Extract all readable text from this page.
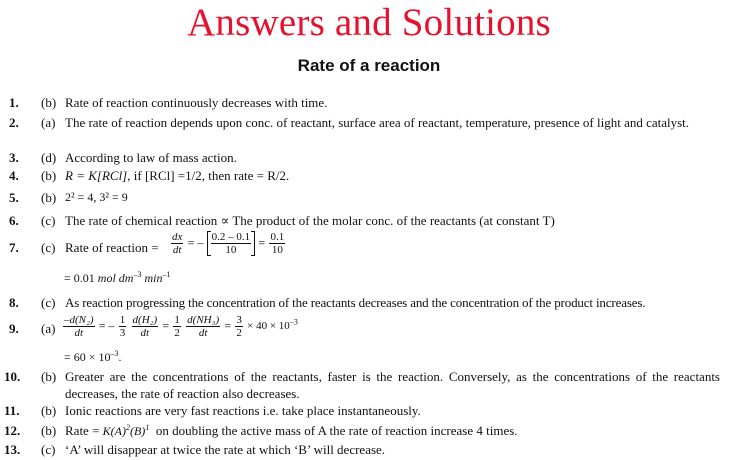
Answers and Solutions
Rate of a reaction
1. (b) Rate of reaction continuously decreases with time.
2. (a) The rate of reaction depends upon conc. of reactant, surface area of reactant, temperature, presence of light and catalyst.
3. (d) According to law of mass action.
4. (b) R = K[RCl], if [RCl] =1/2, then rate = R/2.
5. (b) 2² = 4, 3² = 9
6. (c) The rate of chemical reaction ∝ The product of the molar conc. of the reactants (at constant T)
7. (c) Rate of reaction =	$\frac{dx}{dt}$ = – $\frac{0.2 - 0.1}{10} = \frac{0.1}{10}$
= 0.01 mol $dm^{-3}$ $\min^{-1}$
8. (c) As reaction progressing the concentration of the reactants decreases and the concentration of the product increases.
9. $(a) \frac{\text{–d(N₂)}}{dt}$ = – $\frac{1}{3}$
$\frac{\text{d(H₂)}}{dt} = \frac{1}{2}$
$\frac{\text{d(NH₃)}}{dt} = \frac{3}{2} \times 40 \times 10^{-3}$
= $60 \times 10^{-3}$.
10. (b) Greater are the concentrations of the reactants, faster is the reaction. Conversely, as the concentrations of the reactants decreases, the rate of reaction also decreases.
11. (b) Ionic reactions are very fast reactions i.e. take place instantaneously.
12. (b) Rate = $K(A)^2(B)^1$ on doubling the active mass of A the rate of reaction increase 4 times.
13. (c) ‘A’ will disappear at twice the rate at which ‘B’ will decrease.
